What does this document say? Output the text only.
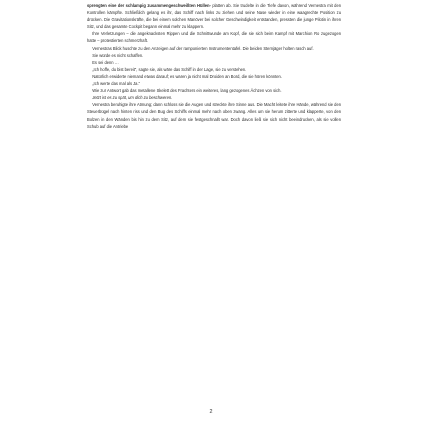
sprengten eine der schlampig zusammengeschweißten Hüllen- platten ab. Sie trudelte in die Tiefe davon, während Vernestra mit den Kontrollen kämpfte. Schließlich gelang es ihr, das Schiff nach links zu ziehen und seine Nase wieder in eine waagrechte Position zu drücken. Die Gravitationskräfte, die bei einem solchen Manöver bei solcher Geschwindigkeit entstanden, pressten die junge Pilotin in ihren Sitz, und das gesamte Cockpit begann einmal mehr zu klappern.

Ihre Verletzungen – die angeknacksten Rippen und die Schnittwunde am Kopf, die sie sich beim Kampf mit Marchion Ro zugezogen hatte – protestierten schmerzhaft.

Vernestras Blick huschte zu den Anzeigen auf der ramponierten Instrumententafel. Die beiden Sternjäger holten rasch auf.

Sie würde es nicht schaffen.

Es sei denn …

„Ich hoffe, du bist bereit“, sagte sie, als wäre das Schiff in der Lage, sie zu verstehen.

Natürlich erwiderte niemand etwas darauf; es waren ja nicht mal Droiden an Bord, die sie hören könnten.

„Ich werte das mal als Ja.“

Wie zur Antwort gab das metallene Skelett des Frachters ein weiteres, lang gezogenes Ächzen von sich.

Jetzt ist es zu spät, um dich zu beschweren.

Vernestra beruhigte ihre Atmung; dann schloss sie die Augen und streckte ihre Sinne aus. Die Macht leitete ihre Hände, während sie den Steuerbügel nach hinten riss und den Bug des Schiffs einmal mehr nach oben zwang. Alles um sie herum zitterte und klapperte, von den Bolzen in den Wänden bis hin zu dem Sitz, auf dem sie festgeschnallt war. Doch davon ließ sie sich nicht beeindrucken, als sie vollen Schub auf die Antriebe

2
